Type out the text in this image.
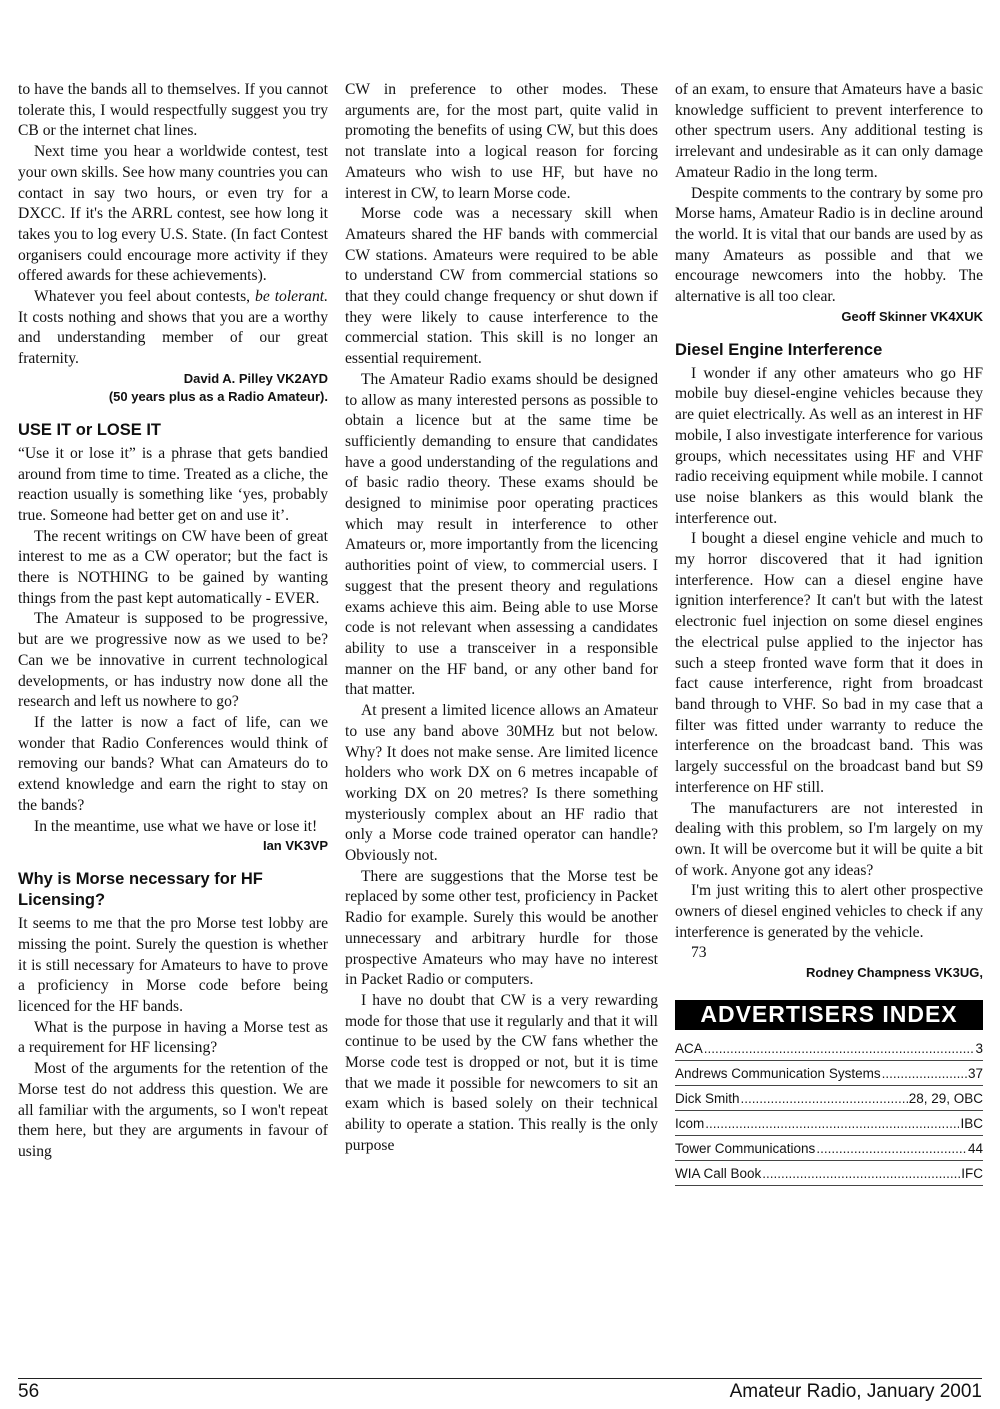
to have the bands all to themselves. If you cannot tolerate this, I would respectfully suggest you try CB or the internet chat lines.

Next time you hear a worldwide contest, test your own skills. See how many countries you can contact in say two hours, or even try for a DXCC. If it's the ARRL contest, see how long it takes you to log every U.S. State. (In fact Contest organisers could encourage more activity if they offered awards for these achievements).

Whatever you feel about contests, be tolerant. It costs nothing and shows that you are a worthy and understanding member of our great fraternity.

David A. Pilley VK2AYD

(50 years plus as a Radio Amateur).

USE IT or LOSE IT

“Use it or lose it” is a phrase that gets bandied around from time to time. Treated as a cliche, the reaction usually is something like ‘yes, probably true. Someone had better get on and use it’.

The recent writings on CW have been of great interest to me as a CW operator; but the fact is there is NOTHING to be gained by wanting things from the past kept automatically - EVER.

The Amateur is supposed to be progressive, but are we progressive now as we used to be? Can we be innovative in current technological developments, or has industry now done all the research and left us nowhere to go?

If the latter is now a fact of life, can we wonder that Radio Conferences would think of removing our bands? What can Amateurs do to extend knowledge and earn the right to stay on the bands?

In the meantime, use what we have or lose it!

Ian VK3VP

Why is Morse necessary for HF Licensing?

It seems to me that the pro Morse test lobby are missing the point. Surely the question is whether it is still necessary for Amateurs to have to prove a proficiency in Morse code before being licenced for the HF bands.

What is the purpose in having a Morse test as a requirement for HF licensing?

Most of the arguments for the retention of the Morse test do not address this question. We are all familiar with the arguments, so I won't repeat them here, but they are arguments in favour of using

CW in preference to other modes. These arguments are, for the most part, quite valid in promoting the benefits of using CW, but this does not translate into a logical reason for forcing Amateurs who wish to use HF, but have no interest in CW, to learn Morse code.

Morse code was a necessary skill when Amateurs shared the HF bands with commercial CW stations. Amateurs were required to be able to understand CW from commercial stations so that they could change frequency or shut down if they were likely to cause interference to the commercial station. This skill is no longer an essential requirement.

The Amateur Radio exams should be designed to allow as many interested persons as possible to obtain a licence but at the same time be sufficiently demanding to ensure that candidates have a good understanding of the regulations and of basic radio theory. These exams should be designed to minimise poor operating practices which may result in interference to other Amateurs or, more importantly from the licencing authorities point of view, to commercial users. I suggest that the present theory and regulations exams achieve this aim. Being able to use Morse code is not relevant when assessing a candidates ability to use a transceiver in a responsible manner on the HF band, or any other band for that matter.

At present a limited licence allows an Amateur to use any band above 30MHz but not below. Why? It does not make sense. Are limited licence holders who work DX on 6 metres incapable of working DX on 20 metres? Is there something mysteriously complex about an HF radio that only a Morse code trained operator can handle? Obviously not.

There are suggestions that the Morse test be replaced by some other test, proficiency in Packet Radio for example. Surely this would be another unnecessary and arbitrary hurdle for those prospective Amateurs who may have no interest in Packet Radio or computers.

I have no doubt that CW is a very rewarding mode for those that use it regularly and that it will continue to be used by the CW fans whether the Morse code test is dropped or not, but it is time that we made it possible for newcomers to sit an exam which is based solely on their technical ability to operate a station. This really is the only purpose

of an exam, to ensure that Amateurs have a basic knowledge sufficient to prevent interference to other spectrum users. Any additional testing is irrelevant and undesirable as it can only damage Amateur Radio in the long term.

Despite comments to the contrary by some pro Morse hams, Amateur Radio is in decline around the world. It is vital that our bands are used by as many Amateurs as possible and that we encourage newcomers into the hobby. The alternative is all too clear.

Geoff Skinner VK4XUK

Diesel Engine Interference

I wonder if any other amateurs who go HF mobile buy diesel-engine vehicles because they are quiet electrically. As well as an interest in HF mobile, I also investigate interference for various groups, which necessitates using HF and VHF radio receiving equipment while mobile. I cannot use noise blankers as this would blank the interference out.

I bought a diesel engine vehicle and much to my horror discovered that it had ignition interference. How can a diesel engine have ignition interference? It can't but with the latest electronic fuel injection on some diesel engines the electrical pulse applied to the injector has such a steep fronted wave form that it does in fact cause interference, right from broadcast band through to VHF. So bad in my case that a filter was fitted under warranty to reduce the interference on the broadcast band. This was largely successful on the broadcast band but S9 interference on HF still.

The manufacturers are not interested in dealing with this problem, so I'm largely on my own. It will be overcome but it will be quite a bit of work. Anyone got any ideas?

I'm just writing this to alert other prospective owners of diesel engined vehicles to check if any interference is generated by the vehicle.

73

Rodney Champness VK3UG,

ADVERTISERS INDEX
ACA .....	3
Andrews Communication Systems .....	37
Dick Smith .....	28, 29, OBC
Icom .....	IBC
Tower Communications .....	44
WIA Call Book .....	IFC
56	Amateur Radio, January 2001
